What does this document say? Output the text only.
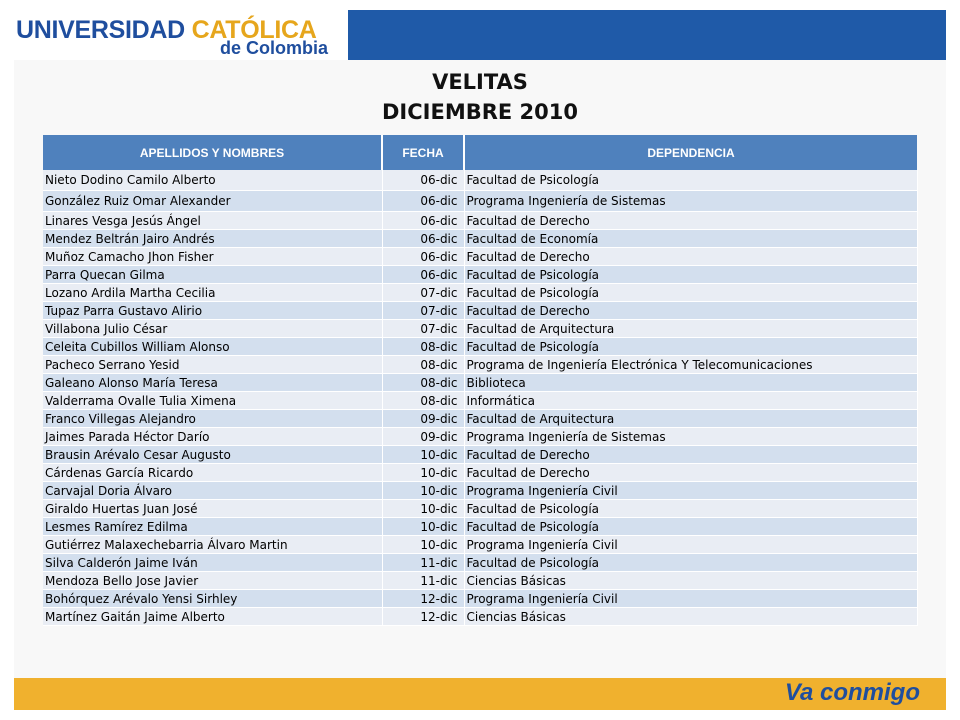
UNIVERSIDAD CATÓLICA
de Colombia
VELITAS
DICIEMBRE 2010
APELLIDOS Y NOMBRES	FECHA	DEPENDENCIA
Nieto Dodino Camilo Alberto	06-dic	Facultad de Psicología
González Ruiz Omar Alexander	06-dic	Programa Ingeniería de Sistemas
Linares Vesga Jesús Ángel	06-dic	Facultad de Derecho
Mendez Beltrán Jairo Andrés	06-dic	Facultad de Economía
Muñoz Camacho Jhon Fisher	06-dic	Facultad de Derecho
Parra Quecan Gilma	06-dic	Facultad de Psicología
Lozano Ardila Martha Cecilia	07-dic	Facultad de Psicología
Tupaz Parra Gustavo Alirio	07-dic	Facultad de Derecho
Villabona Julio César	07-dic	Facultad de Arquitectura
Celeita Cubillos William Alonso	08-dic	Facultad de Psicología
Pacheco Serrano Yesid	08-dic	Programa de Ingeniería Electrónica Y Telecomunicaciones
Galeano Alonso María Teresa	08-dic	Biblioteca
Valderrama Ovalle Tulia Ximena	08-dic	Informática
Franco Villegas Alejandro	09-dic	Facultad de Arquitectura
Jaimes Parada Héctor Darío	09-dic	Programa Ingeniería de Sistemas
Brausin Arévalo Cesar Augusto	10-dic	Facultad de Derecho
Cárdenas García Ricardo	10-dic	Facultad de Derecho
Carvajal Doria Álvaro	10-dic	Programa Ingeniería Civil
Giraldo Huertas Juan José	10-dic	Facultad de Psicología
Lesmes Ramírez Edilma	10-dic	Facultad de Psicología
Gutiérrez Malaxechebarria Álvaro Martin	10-dic	Programa Ingeniería Civil
Silva Calderón Jaime Iván	11-dic	Facultad de Psicología
Mendoza Bello Jose Javier	11-dic	Ciencias Básicas
Bohórquez Arévalo Yensi Sirhley	12-dic	Programa Ingeniería Civil
Martínez Gaitán Jaime Alberto	12-dic	Ciencias Básicas
Va conmigo
